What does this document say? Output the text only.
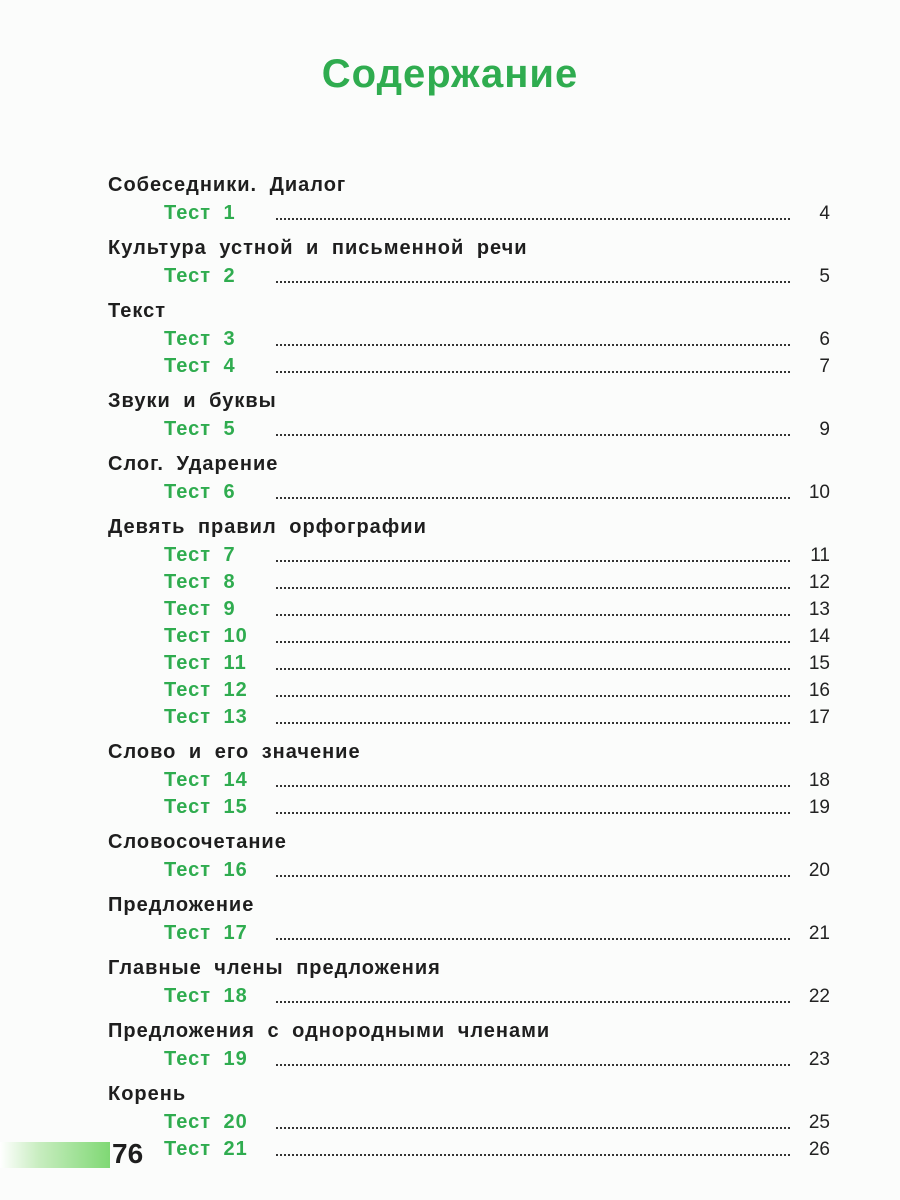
Содержание
Собеседники. Диалог
Тест 1	4
Культура устной и письменной речи
Тест 2	5
Текст
Тест 3	6
Тест 4	7
Звуки и буквы
Тест 5	9
Слог. Ударение
Тест 6	10
Девять правил орфографии
Тест 7	11
Тест 8	12
Тест 9	13
Тест 10	14
Тест 11	15
Тест 12	16
Тест 13	17
Слово и его значение
Тест 14	18
Тест 15	19
Словосочетание
Тест 16	20
Предложение
Тест 17	21
Главные члены предложения
Тест 18	22
Предложения с однородными членами
Тест 19	23
Корень
Тест 20	25
Тест 21	26
76
